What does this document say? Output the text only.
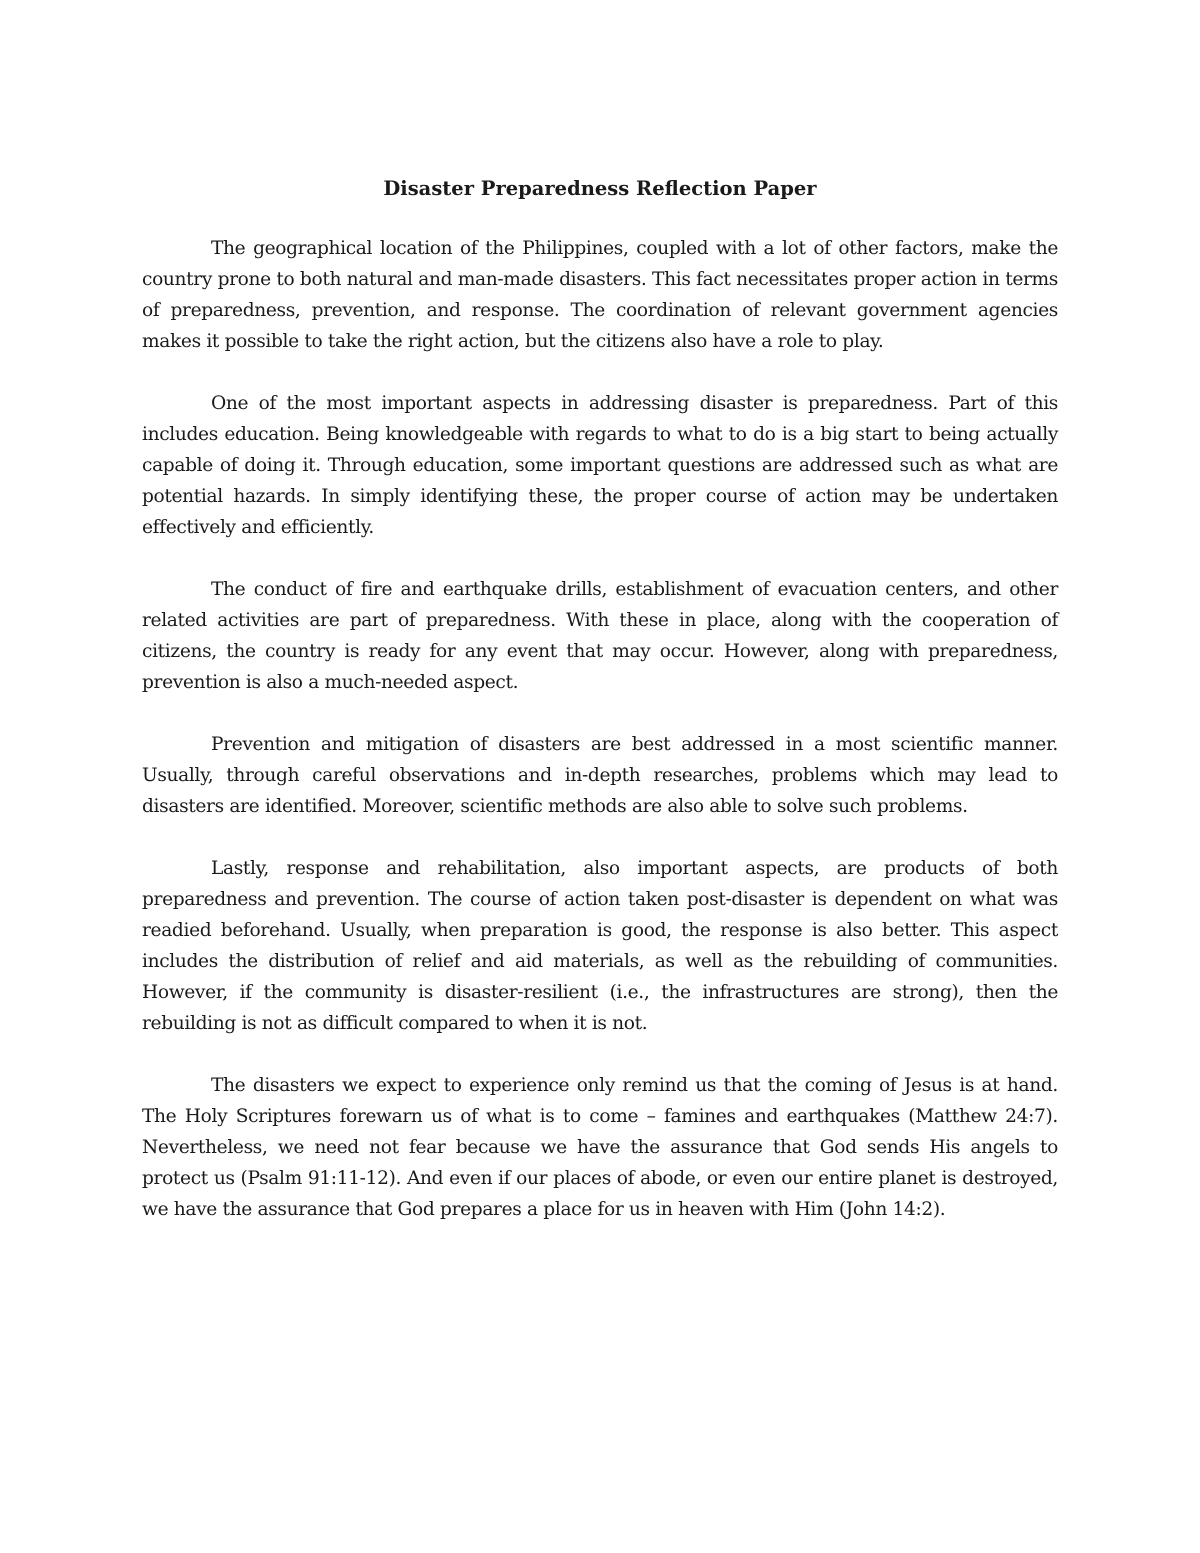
Disaster Preparedness Reflection Paper

The geographical location of the Philippines, coupled with a lot of other factors, make the country prone to both natural and man-made disasters. This fact necessitates proper action in terms of preparedness, prevention, and response. The coordination of relevant government agencies makes it possible to take the right action, but the citizens also have a role to play.

One of the most important aspects in addressing disaster is preparedness. Part of this includes education. Being knowledgeable with regards to what to do is a big start to being actually capable of doing it. Through education, some important questions are addressed such as what are potential hazards. In simply identifying these, the proper course of action may be undertaken effectively and efficiently.

The conduct of fire and earthquake drills, establishment of evacuation centers, and other related activities are part of preparedness. With these in place, along with the cooperation of citizens, the country is ready for any event that may occur. However, along with preparedness, prevention is also a much-needed aspect.

Prevention and mitigation of disasters are best addressed in a most scientific manner. Usually, through careful observations and in-depth researches, problems which may lead to disasters are identified. Moreover, scientific methods are also able to solve such problems.

Lastly, response and rehabilitation, also important aspects, are products of both preparedness and prevention. The course of action taken post-disaster is dependent on what was readied beforehand. Usually, when preparation is good, the response is also better. This aspect includes the distribution of relief and aid materials, as well as the rebuilding of communities. However, if the community is disaster-resilient (i.e., the infrastructures are strong), then the rebuilding is not as difficult compared to when it is not.

The disasters we expect to experience only remind us that the coming of Jesus is at hand. The Holy Scriptures forewarn us of what is to come – famines and earthquakes (Matthew 24:7). Nevertheless, we need not fear because we have the assurance that God sends His angels to protect us (Psalm 91:11-12). And even if our places of abode, or even our entire planet is destroyed, we have the assurance that God prepares a place for us in heaven with Him (John 14:2).
